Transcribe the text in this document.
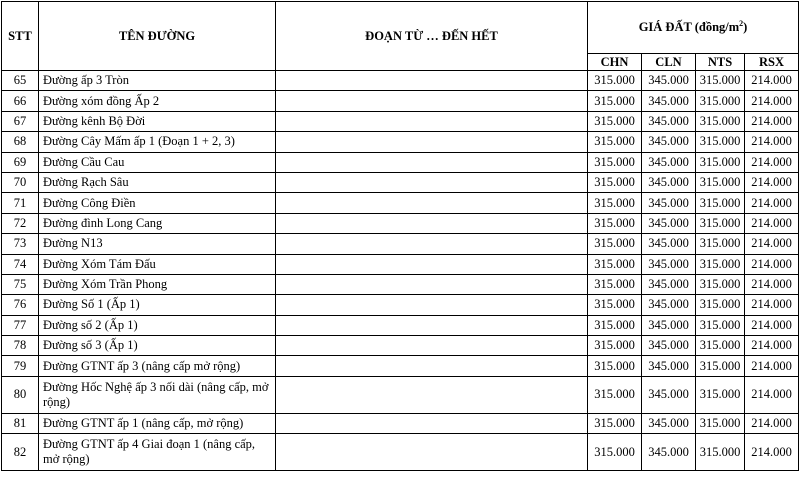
STT	TÊN ĐƯỜNG	ĐOẠN TỪ … ĐẾN HẾT	GIÁ ĐẤT $(đồng/m^2)$			
			CHN	CLN	NTS	RSX
65	Đường ấp 3 Tròn		315.000	345.000	315.000	214.000
66	Đường xóm đồng Ấp 2		315.000	345.000	315.000	214.000
67	Đường kênh Bộ Đời		315.000	345.000	315.000	214.000
68	Đường Cây Mấm ấp 1 (Đoạn 1 + 2, 3)		315.000	345.000	315.000	214.000
69	Đường Cầu Cau		315.000	345.000	315.000	214.000
70	Đường Rạch Sâu		315.000	345.000	315.000	214.000
71	Đường Công Điền		315.000	345.000	315.000	214.000
72	Đường đình Long Cang		315.000	345.000	315.000	214.000
73	Đường N13		315.000	345.000	315.000	214.000
74	Đường Xóm Tám Đấu		315.000	345.000	315.000	214.000
75	Đường Xóm Trần Phong		315.000	345.000	315.000	214.000
76	Đường Số 1 (Ấp 1)		315.000	345.000	315.000	214.000
77	Đường số 2 (Ấp 1)		315.000	345.000	315.000	214.000
78	Đường số 3 (Ấp 1)		315.000	345.000	315.000	214.000
79	Đường GTNT ấp 3 (nâng cấp mở rộng)		315.000	345.000	315.000	214.000
80	Đường Hốc Nghệ ấp 3 nối dài (nâng cấp, mở rộng)		315.000	345.000	315.000	214.000
81	Đường GTNT ấp 1 (nâng cấp, mở rộng)		315.000	345.000	315.000	214.000
82	Đường GTNT ấp 4 Giai đoạn 1 (nâng cấp, mở rộng)		315.000	345.000	315.000	214.000
